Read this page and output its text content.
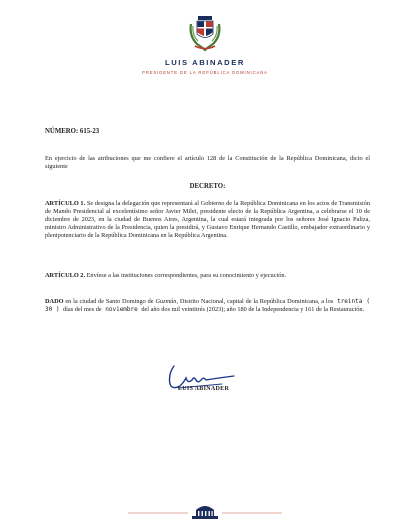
LUIS ABINADER
PRESIDENTE DE LA REPÚBLICA DOMINICANA
NÚMERO: 615-23
En ejercicio de las atribuciones que me confiere el artículo 128 de la Constitución de la República Dominicana, dicto el siguiente
DECRETO:
ARTÍCULO 1. Se designa la delegación que representará al Gobierno de la República Dominicana en los actos de Transmisión de Mando Presidencial al excelentísimo señor Javier Milei, presidente electo de la República Argentina, a celebrarse el 10 de diciembre de 2023, en la ciudad de Buenos Aires, Argentina, la cual estará integrada por los señores José Ignacio Paliza, ministro Administrativo de la Presidencia, quien la presidirá, y Gustavo Enrique Hernando Castillo, embajador extraordinario y plenipotenciario de la República Dominicana en la República Argentina.
ARTÍCULO 2. Envíese a las instituciones correspondientes, para su conocimiento y ejecución.
DADO en la ciudad de Santo Domingo de Guzmán, Distrito Nacional, capital de la República Dominicana, a los treinta ( 30 ) días del mes de noviembre del año dos mil veintitrés (2023); año 180 de la Independencia y 161 de la Restauración.
LUIS ABINADER
